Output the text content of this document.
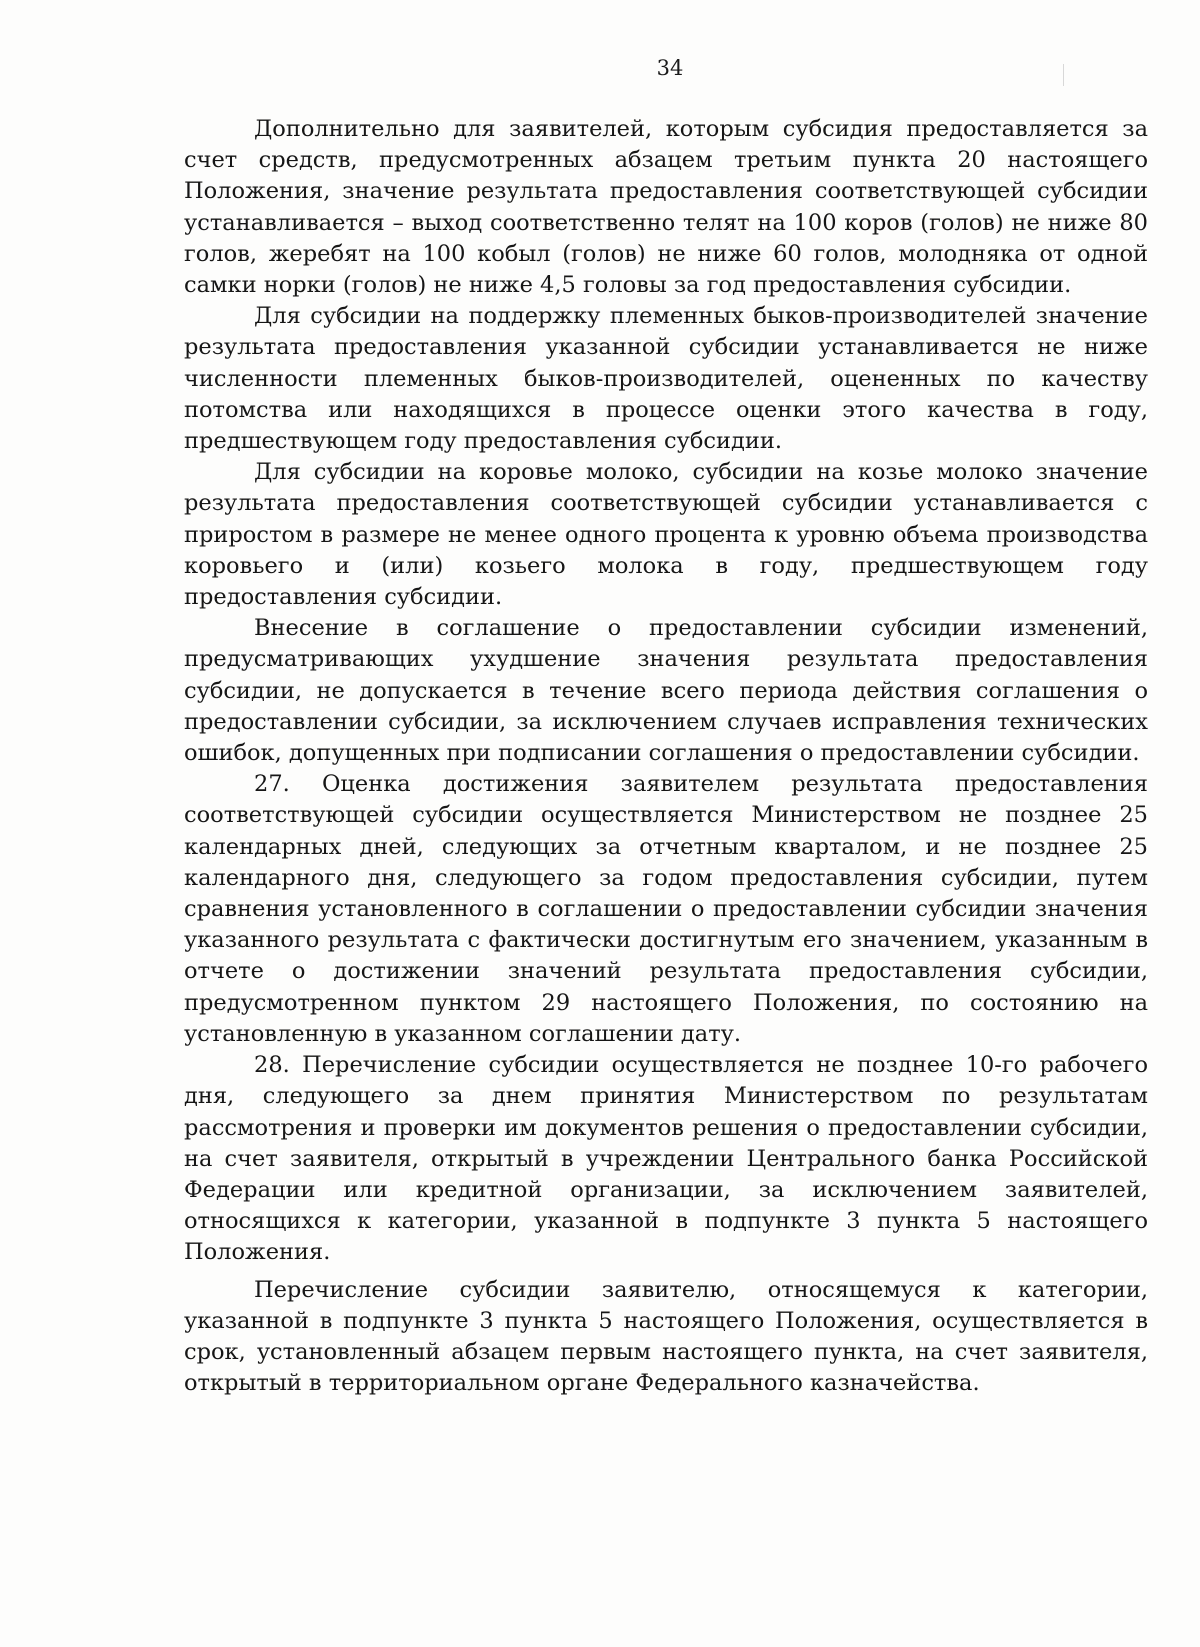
34

Дополнительно для заявителей, которым субсидия предоставляется за счет средств, предусмотренных абзацем третьим пункта 20 настоящего Положения, значение результата предоставления соответствующей субсидии устанавливается – выход соответственно телят на 100 коров (голов) не ниже 80 голов, жеребят на 100 кобыл (голов) не ниже 60 голов, молодняка от одной самки норки (голов) не ниже 4,5 головы за год предоставления субсидии.

Для субсидии на поддержку племенных быков-производителей значение результата предоставления указанной субсидии устанавливается не ниже численности племенных быков-производителей, оцененных по качеству потомства или находящихся в процессе оценки этого качества в году, предшествующем году предоставления субсидии.

Для субсидии на коровье молоко, субсидии на козье молоко значение результата предоставления соответствующей субсидии устанавливается с приростом в размере не менее одного процента к уровню объема производства коровьего и (или) козьего молока в году, предшествующем году предоставления субсидии.

Внесение в соглашение о предоставлении субсидии изменений, предусматривающих ухудшение значения результата предоставления субсидии, не допускается в течение всего периода действия соглашения о предоставлении субсидии, за исключением случаев исправления технических ошибок, допущенных при подписании соглашения о предоставлении субсидии.

27. Оценка достижения заявителем результата предоставления соответствующей субсидии осуществляется Министерством не позднее 25 календарных дней, следующих за отчетным кварталом, и не позднее 25 календарного дня, следующего за годом предоставления субсидии, путем сравнения установленного в соглашении о предоставлении субсидии значения указанного результата с фактически достигнутым его значением, указанным в отчете о достижении значений результата предоставления субсидии, предусмотренном пунктом 29 настоящего Положения, по состоянию на установленную в указанном соглашении дату.

28. Перечисление субсидии осуществляется не позднее 10-го рабочего дня, следующего за днем принятия Министерством по результатам рассмотрения и проверки им документов решения о предоставлении субсидии, на счет заявителя, открытый в учреждении Центрального банка Российской Федерации или кредитной организации, за исключением заявителей, относящихся к категории, указанной в подпункте 3 пункта 5 настоящего Положения.

Перечисление субсидии заявителю, относящемуся к категории, указанной в подпункте 3 пункта 5 настоящего Положения, осуществляется в срок, установленный абзацем первым настоящего пункта, на счет заявителя, открытый в территориальном органе Федерального казначейства.
